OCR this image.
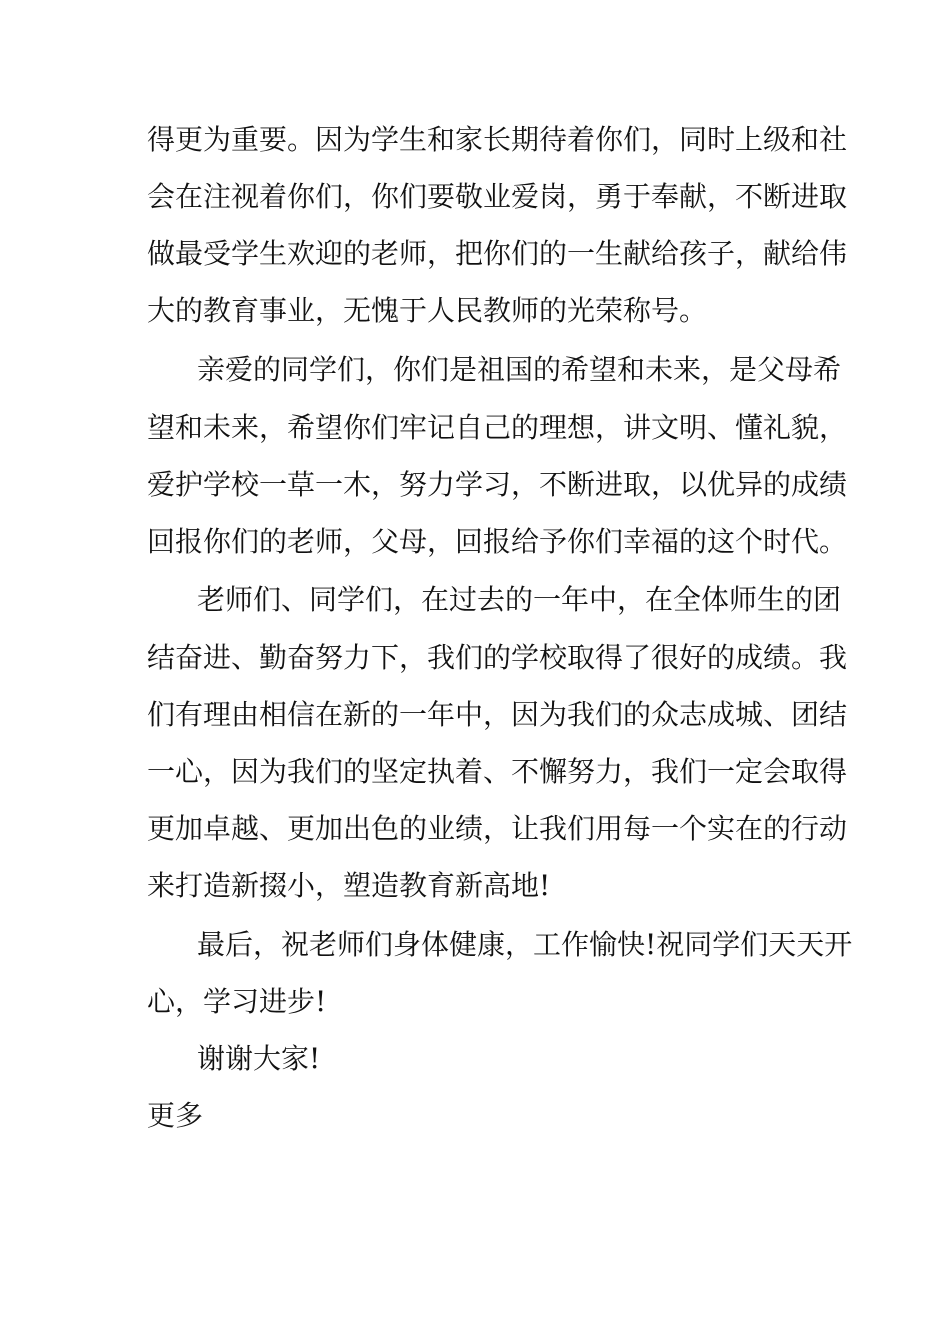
得更为重要。因为学生和家长期待着你们，同时上级和社
会在注视着你们，你们要敬业爱岗，勇于奉献，不断进取
做最受学生欢迎的老师，把你们的一生献给孩子，献给伟
大的教育事业，无愧于人民教师的光荣称号。
亲爱的同学们，你们是祖国的希望和未来，是父母希
望和未来，希望你们牢记自己的理想，讲文明、懂礼貌，
爱护学校一草一木，努力学习，不断进取，以优异的成绩
回报你们的老师，父母，回报给予你们幸福的这个时代。
老师们、同学们，在过去的一年中，在全体师生的团
结奋进、勤奋努力下，我们的学校取得了很好的成绩。我
们有理由相信在新的一年中，因为我们的众志成城、团结
一心，因为我们的坚定执着、不懈努力，我们一定会取得
更加卓越、更加出色的业绩，让我们用每一个实在的行动
来打造新掇小，塑造教育新高地!
最后，祝老师们身体健康，工作愉快!祝同学们天天开
心，学习进步!
谢谢大家!
更多
